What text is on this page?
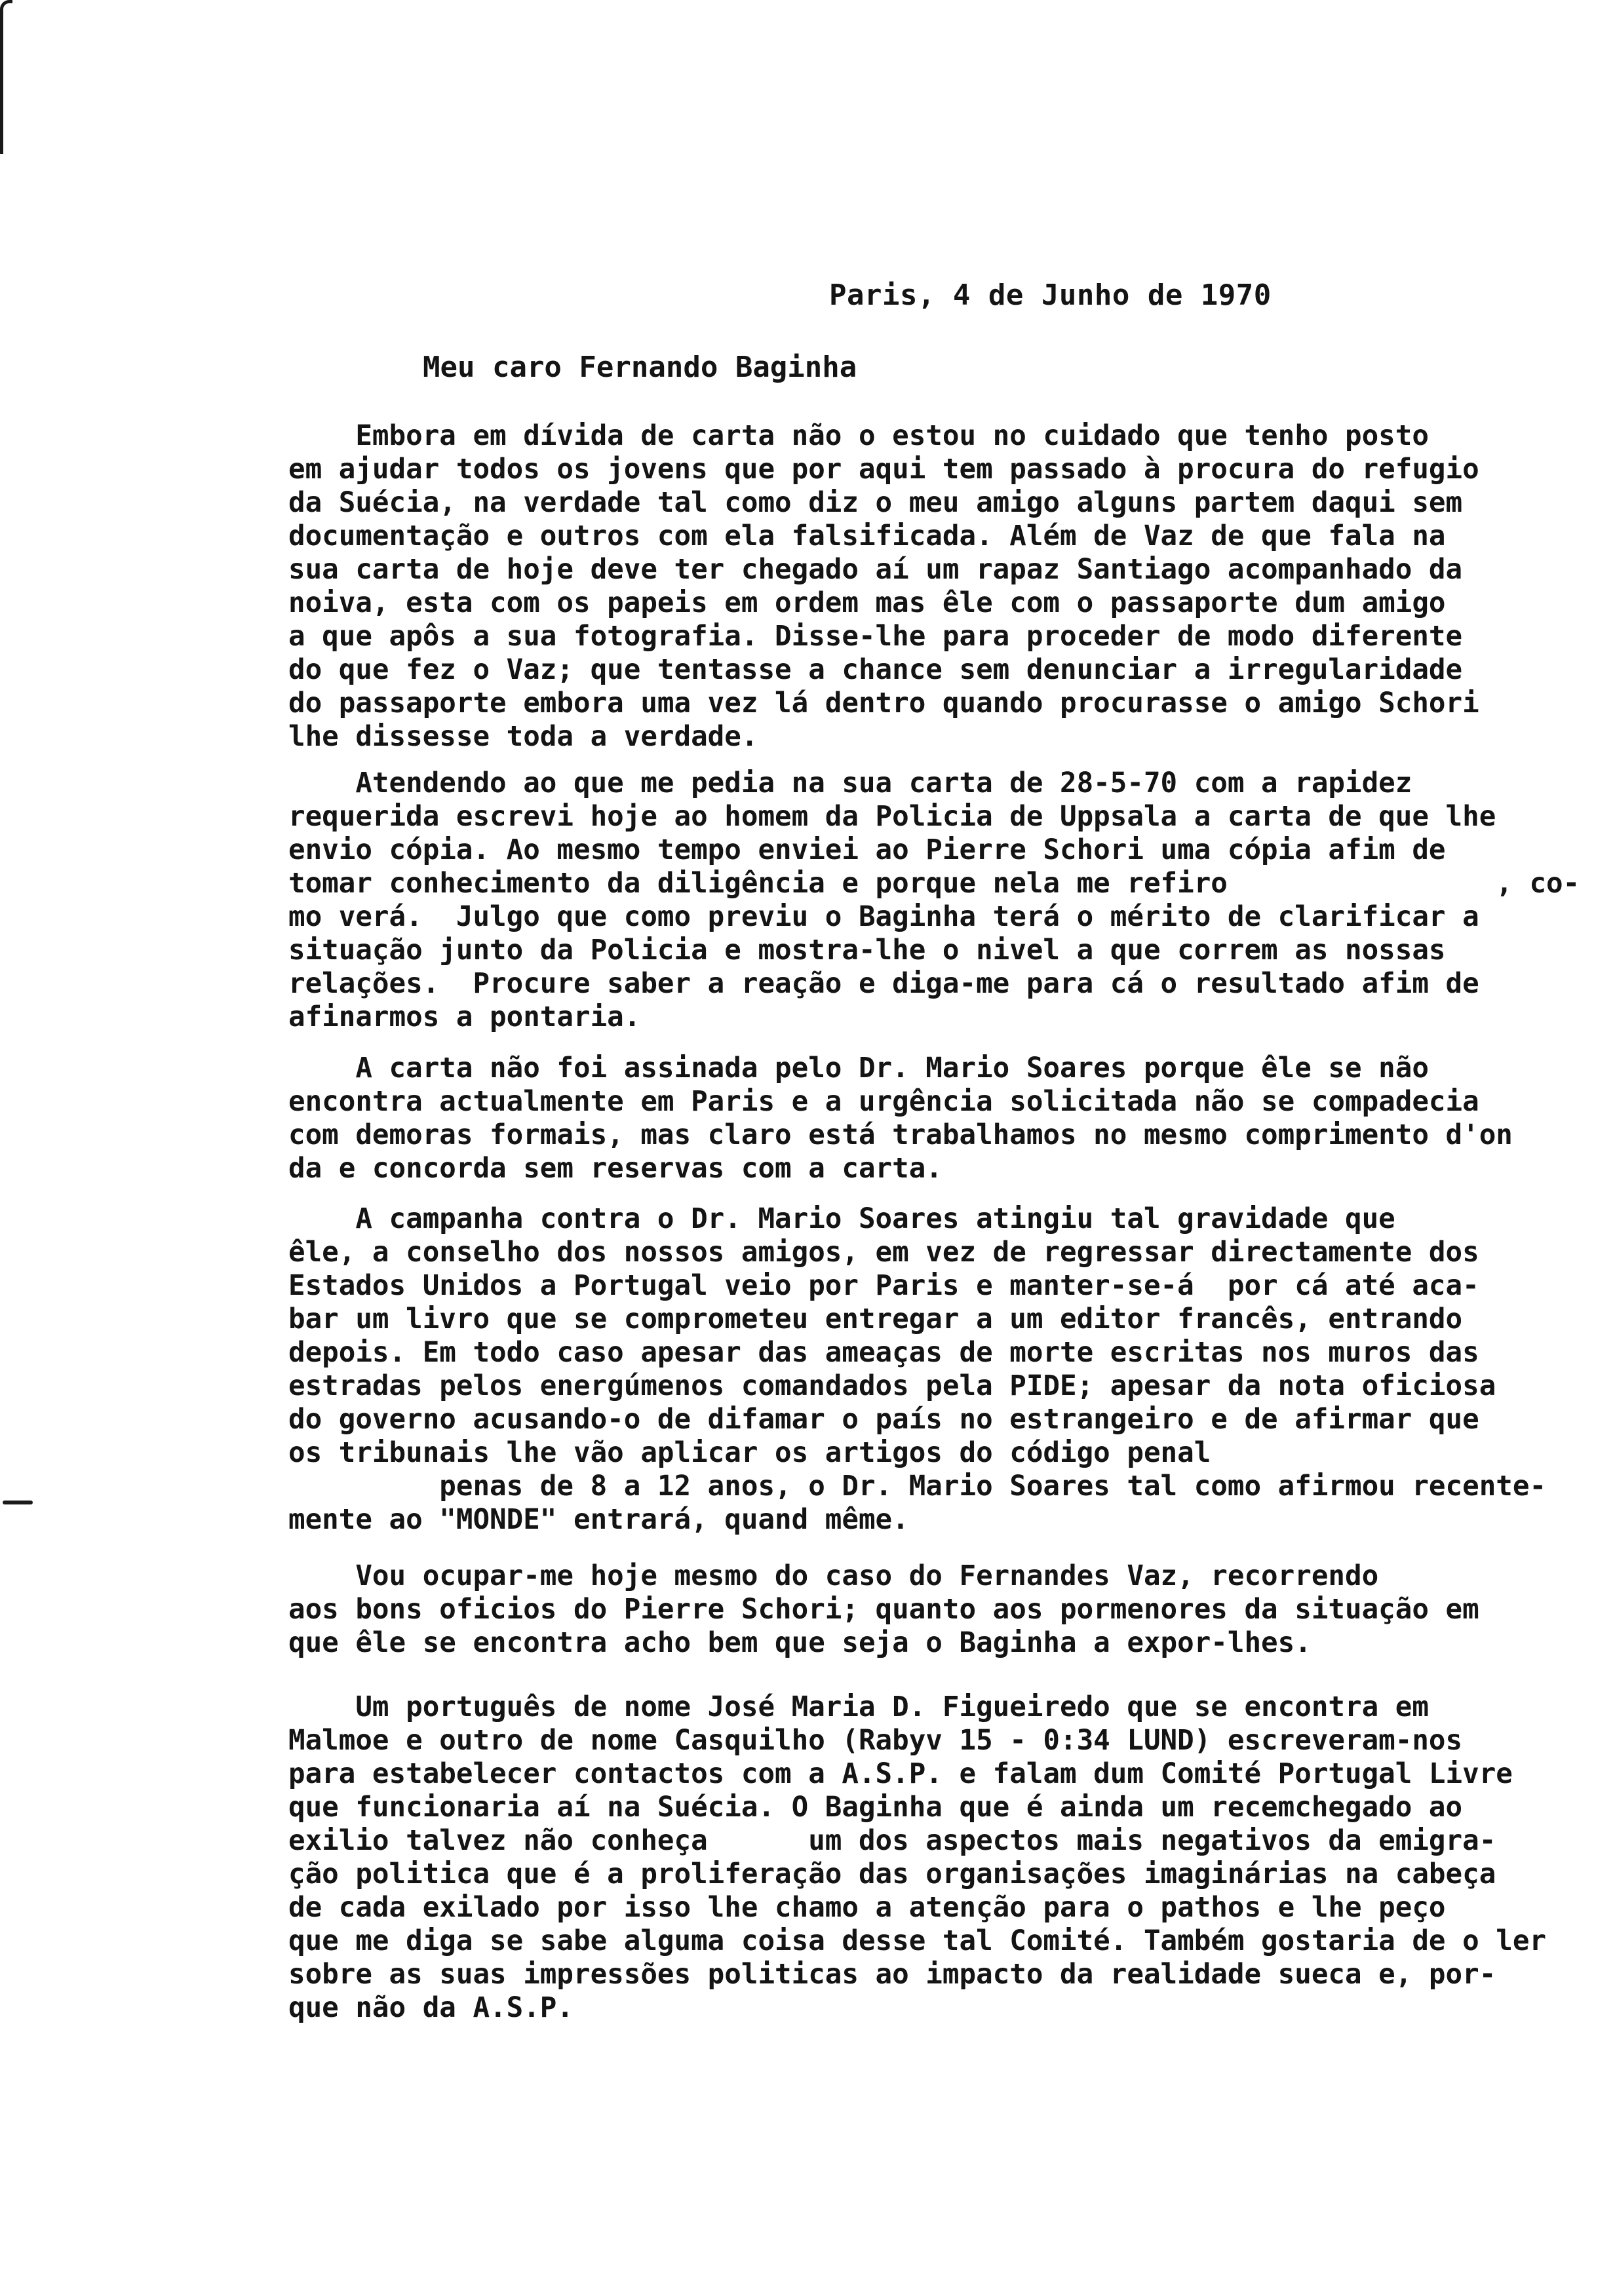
Paris, 4 de Junho de 1970
Meu caro Fernando Baginha
Embora em dívida de carta não o estou no cuidado que tenho posto
em ajudar todos os jovens que por aqui tem passado à procura do refugio
da Suécia, na verdade tal como diz o meu amigo alguns partem daqui sem
documentação e outros com ela falsificada. Além de Vaz de que fala na
sua carta de hoje deve ter chegado aí um rapaz Santiago acompanhado da
noiva, esta com os papeis em ordem mas êle com o passaporte dum amigo
a que apôs a sua fotografia. Disse-lhe para proceder de modo diferente
do que fez o Vaz; que tentasse a chance sem denunciar a irregularidade
do passaporte embora uma vez lá dentro quando procurasse o amigo Schori
lhe dissesse toda a verdade.
Atendendo ao que me pedia na sua carta de 28-5-70 com a rapidez
requerida escrevi hoje ao homem da Policia de Uppsala a carta de que lhe
envio cópia. Ao mesmo tempo enviei ao Pierre Schori uma cópia afim de
tomar conhecimento da diligência e porque nela me refiro                , co-
mo verá.  Julgo que como previu o Baginha terá o mérito de clarificar a
situação junto da Policia e mostra-lhe o nivel a que correm as nossas
relações.  Procure saber a reação e diga-me para cá o resultado afim de
afinarmos a pontaria.
A carta não foi assinada pelo Dr. Mario Soares porque êle se não
encontra actualmente em Paris e a urgência solicitada não se compadecia
com demoras formais, mas claro está trabalhamos no mesmo comprimento d'on
da e concorda sem reservas com a carta.
A campanha contra o Dr. Mario Soares atingiu tal gravidade que
êle, a conselho dos nossos amigos, em vez de regressar directamente dos
Estados Unidos a Portugal veio por Paris e manter-se-á  por cá até aca-
bar um livro que se comprometeu entregar a um editor francês, entrando
depois. Em todo caso apesar das ameaças de morte escritas nos muros das
estradas pelos energúmenos comandados pela PIDE; apesar da nota oficiosa
do governo acusando-o de difamar o país no estrangeiro e de afirmar que
os tribunais lhe vão aplicar os artigos do código penal
penas de 8 a 12 anos, o Dr. Mario Soares tal como afirmou recente-
mente ao "MONDE" entrará, quand même.
Vou ocupar-me hoje mesmo do caso do Fernandes Vaz, recorrendo
aos bons oficios do Pierre Schori; quanto aos pormenores da situação em
que êle se encontra acho bem que seja o Baginha a expor-lhes.
Um português de nome José Maria D. Figueiredo que se encontra em
Malmoe e outro de nome Casquilho (Rabyv 15 - 0:34 LUND) escreveram-nos
para estabelecer contactos com a A.S.P. e falam dum Comité Portugal Livre
que funcionaria aí na Suécia. O Baginha que é ainda um recemchegado ao
exilio talvez não conheça      um dos aspectos mais negativos da emigra-
ção politica que é a proliferação das organisações imaginárias na cabeça
de cada exilado por isso lhe chamo a atenção para o pathos e lhe peço
que me diga se sabe alguma coisa desse tal Comité. Também gostaria de o ler
sobre as suas impressões politicas ao impacto da realidade sueca e, por-
que não da A.S.P.
